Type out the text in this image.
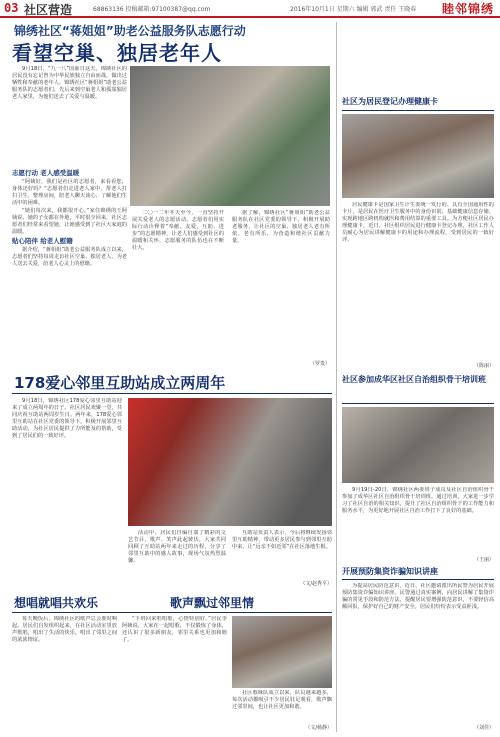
03 社区营造	68863136 投稿邮箱:97100387@qq.com	2016年10月1日 星期六 编辑 郭武 责任 王晓春 睦邻锦绣
锦绣社区“蒋姐姐”助老公益服务队志愿行动
看望空巢、独居老年人

9月18日，“九一八”国耻日这天，锦绣社区的居民没有忘记曾为中华民族独立自由而战，做出过牺牲和奉献的老年人。锦绣社区“蒋姐姐”助老公益服务队的志愿者们，先后来到空巢老人和孤寡独居老人家里，为他们送去了关爱与温暖。

志愿行动 老人感受温暖

“阿姨好，我们是社区的志愿者，来看看您，身体还好吗？”志愿者们走进老人家中，帮老人打扫卫生、整理房间，陪老人聊天谈心，了解他们生活中的困难。

“她们每次来，我都很开心。”家住锦绣的王阿姨说，她的子女都在外地，平时很少回来，社区志愿者们经常来看望她，让她感受到了社区大家庭的温暖。

贴心陪伴 给老人慰籍

据介绍，“蒋姐姐”助老公益服务队成立以来，志愿者们坚持每周走访社区空巢、独居老人，为老人送去关爱，给老人心灵上的慰籍。

二〇一二年冬天至今，一直坚持开展关爱老人的志愿活动。志愿者们用实际行动诠释着“奉献、友爱、互助、进步”的志愿精神，让老人们感受到社区的温暖和关怀，志愿服务的队伍也在不断壮大。

据了解，锦绣社区“蒋姐姐”助老公益服务队在社区党委的领导下，积极开展助老服务，让社区的空巢、独居老人老有所依、老有所乐，为营造和谐社区贡献力量。

（罗贵）
社区为居民登记办理健康卡

居民健康卡是国家卫生计生委统一发行的、具有全国通用性的卡片，是居民在医疗卫生服务中的身份识别、基础健康信息存储、实现跨地区跨机构就医和费用结算的重要工具。为方便社区居民办理健康卡，近日，社区组织居民进行健康卡登记办理，社区工作人员耐心为居民讲解健康卡的用途和办理流程，受到居民的一致好评。

（陈丽）
社区参加成华区社区自治组织骨干培训班

9月19日-20日，锦绣社区两委班子成员及社区自治组织骨干参加了成华区社区自治组织骨干培训班。通过培训，大家进一步学习了社区自治的相关知识，提升了社区自治组织骨干的工作能力和服务水平，为更好地开展社区自治工作打下了良好的基础。

（王丽）
开展预防集资诈骗知识讲座

为提高居民防范意识，近日，社区邀请派出所民警为居民开展预防集资诈骗知识讲座。民警通过真实案例，向居民讲解了集资诈骗的常见手段和防范方法，提醒居民要增强防范意识，不要轻信高额回报，保护好自己的财产安全。居民们纷纷表示受益匪浅。

（刘佳）
178爱心邻里互助站成立两周年

9月18日，锦绣社区178爱心邻里互助站迎来了成立两周年的日子。社区居民欢聚一堂，共同庆祝互助站两周岁生日。两年来，178爱心邻里互助站在社区党委的领导下，积极开展邻里互助活动，为社区居民提供了力所能及的帮助，受到了居民们的一致好评。

活动中，居民们自编自演了精彩的文艺节目，歌声、笑声此起彼伏，大家共同回顾了互助站两年来走过的历程，分享了邻里互助中的感人故事，现场气氛热烈温馨。

互助站负责人表示，今后将继续发扬邻里互助精神，带动更多居民参与到邻里互助中来，让“远亲不如近邻”在社区落地生根。

（文/赵秀平）
想唱就唱共欢乐	歌声飘过邻里情

每天晚饭后，锦绣社区的歌声总会准时响起。居民们自发组织起来，在社区活动室里放声歌唱，唱出了生活的快乐，唱出了邻里之间的浓浓情谊。

“下班回来唱唱歌，心情特别好。”居民李阿姨说，大家在一起唱歌，不仅锻炼了身体，还认识了很多新朋友，邻里关系也更加和睦了。

社区歌咏队成立以来，队员越来越多，每次活动都吸引不少居民驻足观看，歌声飘过邻里间，也让社区更加和谐。

（文/杨静）
